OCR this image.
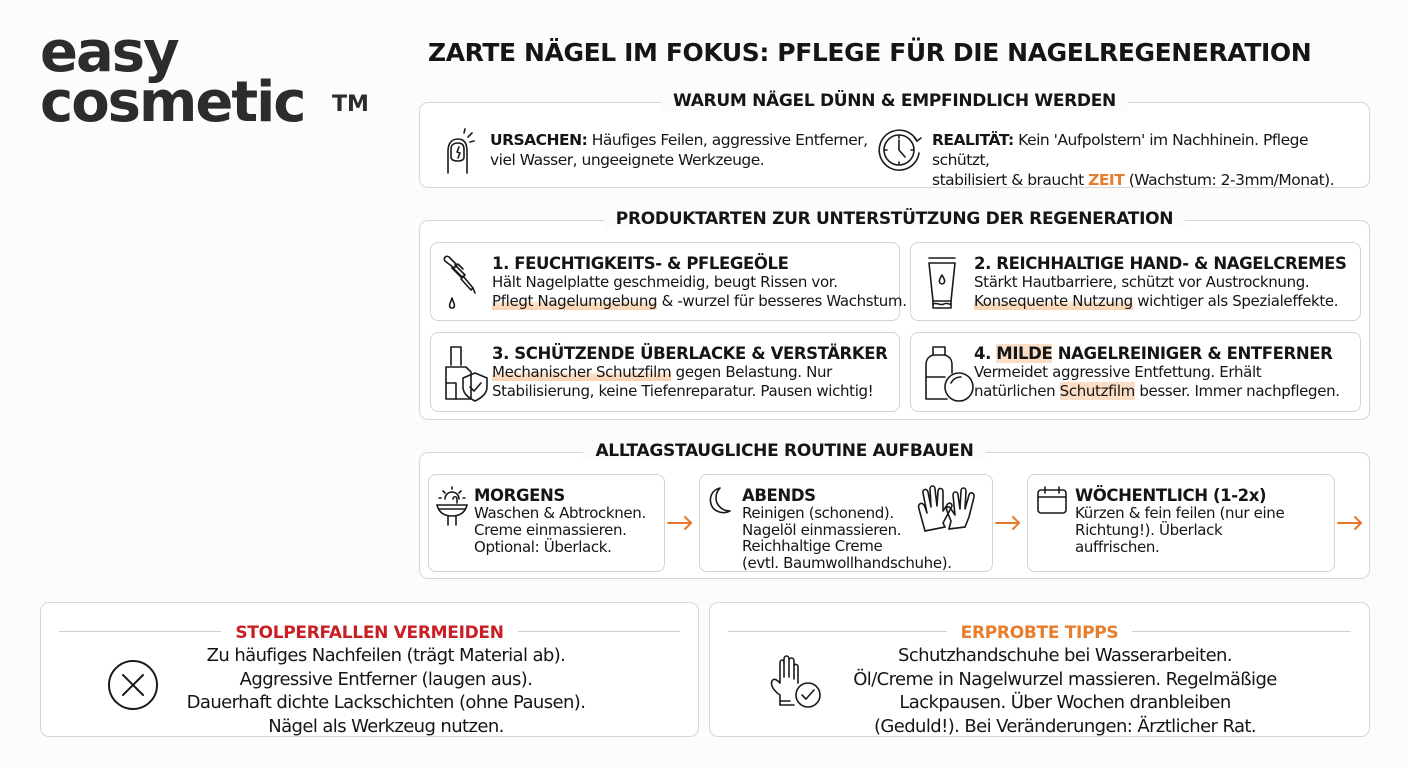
easy
cosmetic TM
ZARTE NÄGEL IM FOKUS: PFLEGE FÜR DIE NAGELREGENERATION
WARUM NÄGEL DÜNN & EMPFINDLICH WERDEN
URSACHEN: Häufiges Feilen, aggressive Entferner,
viel Wasser, ungeeignete Werkzeuge.
REALITÄT: Kein 'Aufpolstern' im Nachhinein. Pflege schützt,
stabilisiert & braucht ZEIT (Wachstum: 2-3mm/Monat).
PRODUKTARTEN ZUR UNTERSTÜTZUNG DER REGENERATION
1. FEUCHTIGKEITS- & PFLEGEÖLE
Hält Nagelplatte geschmeidig, beugt Rissen vor.
Pflegt Nagelumgebung & -wurzel für besseres Wachstum.
2. REICHHALTIGE HAND- & NAGELCREMES
Stärkt Hautbarriere, schützt vor Austrocknung.
Konsequente Nutzung wichtiger als Spezialeffekte.
3. SCHÜTZENDE ÜBERLACKE & VERSTÄRKER
Mechanischer Schutzfilm gegen Belastung. Nur
Stabilisierung, keine Tiefenreparatur. Pausen wichtig!
4. MILDE NAGELREINIGER & ENTFERNER
Vermeidet aggressive Entfettung. Erhält
natürlichen Schutzfilm besser. Immer nachpflegen.
ALLTAGSTAUGLICHE ROUTINE AUFBAUEN
MORGENS
Waschen & Abtrocknen.
Creme einmassieren.
Optional: Überlack.
ABENDS
Reinigen (schonend).
Nagelöl einmassieren.
Reichhaltige Creme
(evtl. Baumwollhandschuhe).
WÖCHENTLICH (1-2x)
Kürzen & fein feilen (nur eine
Richtung!). Überlack
auffrischen.
STOLPERFALLEN VERMEIDEN
Zu häufiges Nachfeilen (trägt Material ab).
Aggressive Entferner (laugen aus).
Dauerhaft dichte Lackschichten (ohne Pausen).
Nägel als Werkzeug nutzen.
ERPROBTE TIPPS
Schutzhandschuhe bei Wasserarbeiten.
Öl/Creme in Nagelwurzel massieren. Regelmäßige
Lackpausen. Über Wochen dranbleiben
(Geduld!). Bei Veränderungen: Ärztlicher Rat.
